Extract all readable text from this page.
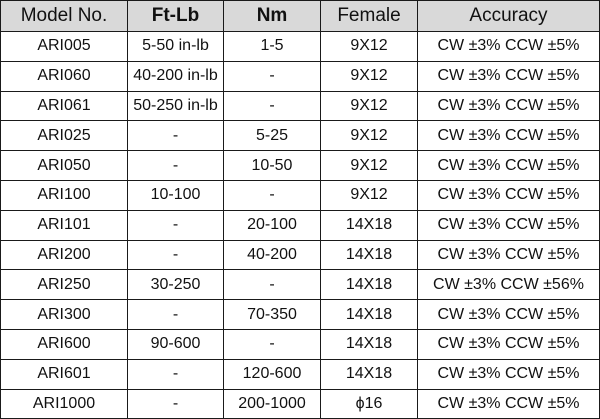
Model No.	Ft-Lb	Nm	Female	Accuracy
ARI005	5-50 in-lb	1-5	9X12	CW ±3% CCW ±5%
ARI060	40-200 in-lb	-	9X12	CW ±3% CCW ±5%
ARI061	50-250 in-lb	-	9X12	CW ±3% CCW ±5%
ARI025	-	5-25	9X12	CW ±3% CCW ±5%
ARI050	-	10-50	9X12	CW ±3% CCW ±5%
ARI100	10-100	-	9X12	CW ±3% CCW ±5%
ARI101	-	20-100	14X18	CW ±3% CCW ±5%
ARI200	-	40-200	14X18	CW ±3% CCW ±5%
ARI250	30-250	-	14X18	CW ±3% CCW ±56%
ARI300	-	70-350	14X18	CW ±3% CCW ±5%
ARI600	90-600	-	14X18	CW ±3% CCW ±5%
ARI601	-	120-600	14X18	CW ±3% CCW ±5%
ARI1000	-	200-1000	ϕ16	CW ±3% CCW ±5%
